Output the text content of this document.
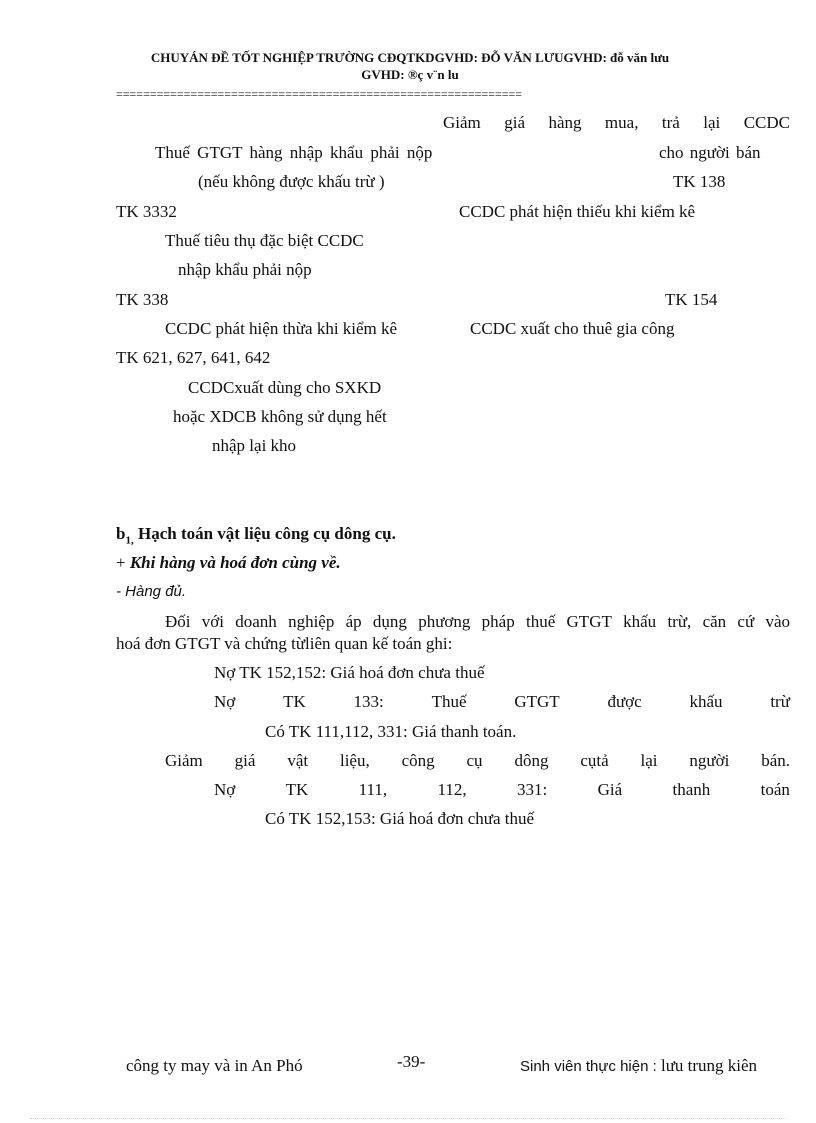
CHUYÁN ĐỀ TỐT NGHIỆP TRƯỜNG CĐQTKDGVHD: ĐỖ VĂN LƯUGVHD: đỗ văn lưu
GVHD: ®ç v¨n lu
============================================================
Giảm giá hàng mua, trả lại CCDC
Thuế GTGT hàng nhập khẩu phải nộp	cho người bán
(nếu không được khấu trừ )	TK 138
TK 3332	CCDC phát hiện thiếu khi kiểm kê
Thuế tiêu thụ đặc biệt CCDC
nhập khẩu phải nộp
TK 338	TK 154
CCDC phát hiện thừa khi kiểm kê	CCDC xuất cho thuê gia công
TK 621, 627, 641, 642
CCDCxuất dùng cho SXKD
hoặc XDCB không sử dụng hết
nhập lại kho
$b_{1,}$ Hạch toán vật liệu công cụ dông cụ.
+ Khi hàng và hoá đơn cùng về.
- Hàng đủ.
Đối với doanh nghiệp áp dụng phương pháp thuế GTGT khấu trừ, căn cứ vào
hoá đơn GTGT và chứng từliên quan kế toán ghi:
Nợ TK 152,152: Giá hoá đơn chưa thuế
Nợ	TK	133:	Thuế	GTGT	được	khấu	trừ
Có TK 111,112, 331: Giá thanh toán.
Giảm giá vật liệu, công cụ dông cụtả lại người bán.
Nợ	TK	111,	112,	331:	Giá	thanh	toán
Có TK 152,153: Giá hoá đơn chưa thuế
công ty may và in An Phó	-39-	Sinh viên thực hiện : lưu trung kiên
